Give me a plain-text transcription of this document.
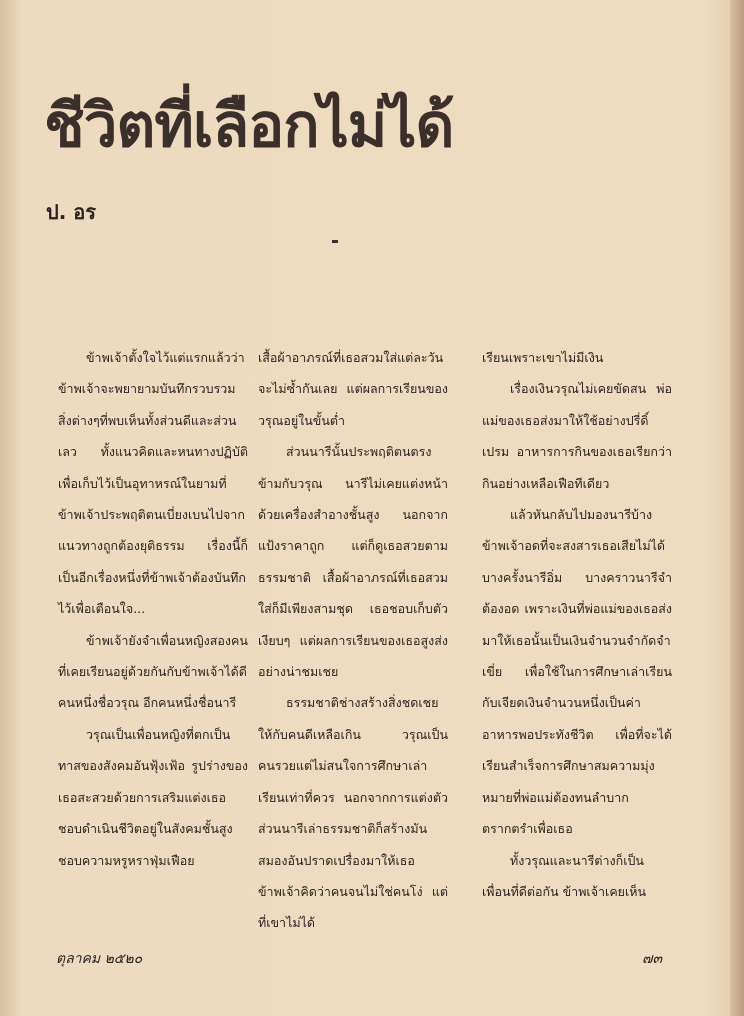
ชีวิตที่เลือกไม่ได้
ป. อร

ข้าพเจ้าตั้งใจไว้แต่แรกแล้วว่า ข้าพเจ้าจะพยายามบันทึกรวบรวมสิ่งต่างๆที่พบเห็นทั้งส่วนดีและส่วนเลว ทั้งแนวคิดและหนทางปฏิบัติ เพื่อเก็บไว้เป็นอุทาหรณ์ในยามที่ข้าพเจ้าประพฤติตนเบี่ยงเบนไปจากแนวทางถูกต้องยุติธรรม เรื่องนี้ก็เป็นอีกเรื่องหนึ่งที่ข้าพเจ้าต้องบันทึกไว้เพื่อเตือนใจ...

ข้าพเจ้ายังจำเพื่อนหญิงสองคนที่เคยเรียนอยู่ด้วยกันกับข้าพเจ้าได้ดี คนหนึ่งชื่อวรุณ อีกคนหนึ่งชื่อนารี

วรุณเป็นเพื่อนหญิงที่ตกเป็นทาสของสังคมอันฟุ้งเฟ้อ รูปร่างของเธอสะสวยด้วยการเสริมแต่งเธอชอบดำเนินชีวิตอยู่ในสังคมชั้นสูง ชอบความหรูหราฟุ่มเฟือย

เสื้อผ้าอาภรณ์ที่เธอสวมใส่แต่ละวันจะไม่ซ้ำกันเลย แต่ผลการเรียนของวรุณอยู่ในขั้นต่ำ

ส่วนนารีนั้นประพฤติตนตรงข้ามกับวรุณ นารีไม่เคยแต่งหน้าด้วยเครื่องสำอางชั้นสูง นอกจากแป้งราคาถูก แต่ก็ดูเธอสวยตามธรรมชาติ เสื้อผ้าอาภรณ์ที่เธอสวมใส่ก็มีเพียงสามชุด เธอชอบเก็บตัวเงียบๆ แต่ผลการเรียนของเธอสูงส่งอย่างน่าชมเชย

ธรรมชาติช่างสร้างสิ่งชดเชยให้กับคนดีเหลือเกิน วรุณเป็นคนรวยแต่ไม่สนใจการศึกษาเล่าเรียนเท่าที่ควร นอกจากการแต่งตัว ส่วนนารีเล่าธรรมชาติก็สร้างมันสมองอันปราดเปรื่องมาให้เธอ ข้าพเจ้าคิดว่าคนจนไม่ใช่คนโง่ แต่ที่เขาไม่ได้

เรียนเพราะเขาไม่มีเงิน

เรื่องเงินวรุณไม่เคยขัดสน พ่อแม่ของเธอส่งมาให้ใช้อย่างปรี่ดิ์เปรม อาหารการกินของเธอเรียกว่ากินอย่างเหลือเฟือทีเดียว

แล้วหันกลับไปมองนารีบ้าง ข้าพเจ้าอดที่จะสงสารเธอเสียไม่ได้ บางครั้งนารีอิ่ม บางคราวนารีจำต้องอด เพราะเงินที่พ่อแม่ของเธอส่งมาให้เธอนั้นเป็นเงินจำนวนจำกัดจำเขี่ย เพื่อใช้ในการศึกษาเล่าเรียน กับเจียดเงินจำนวนหนึ่งเป็นค่าอาหารพอประทังชีวิต เพื่อที่จะได้เรียนสำเร็จการศึกษาสมความมุ่งหมายที่พ่อแม่ต้องทนลำบากตรากตรำเพื่อเธอ

ทั้งวรุณและนารีต่างก็เป็นเพื่อนที่ดีต่อกัน ข้าพเจ้าเคยเห็น

ตุลาคม ๒๕๒๐	๗๓
